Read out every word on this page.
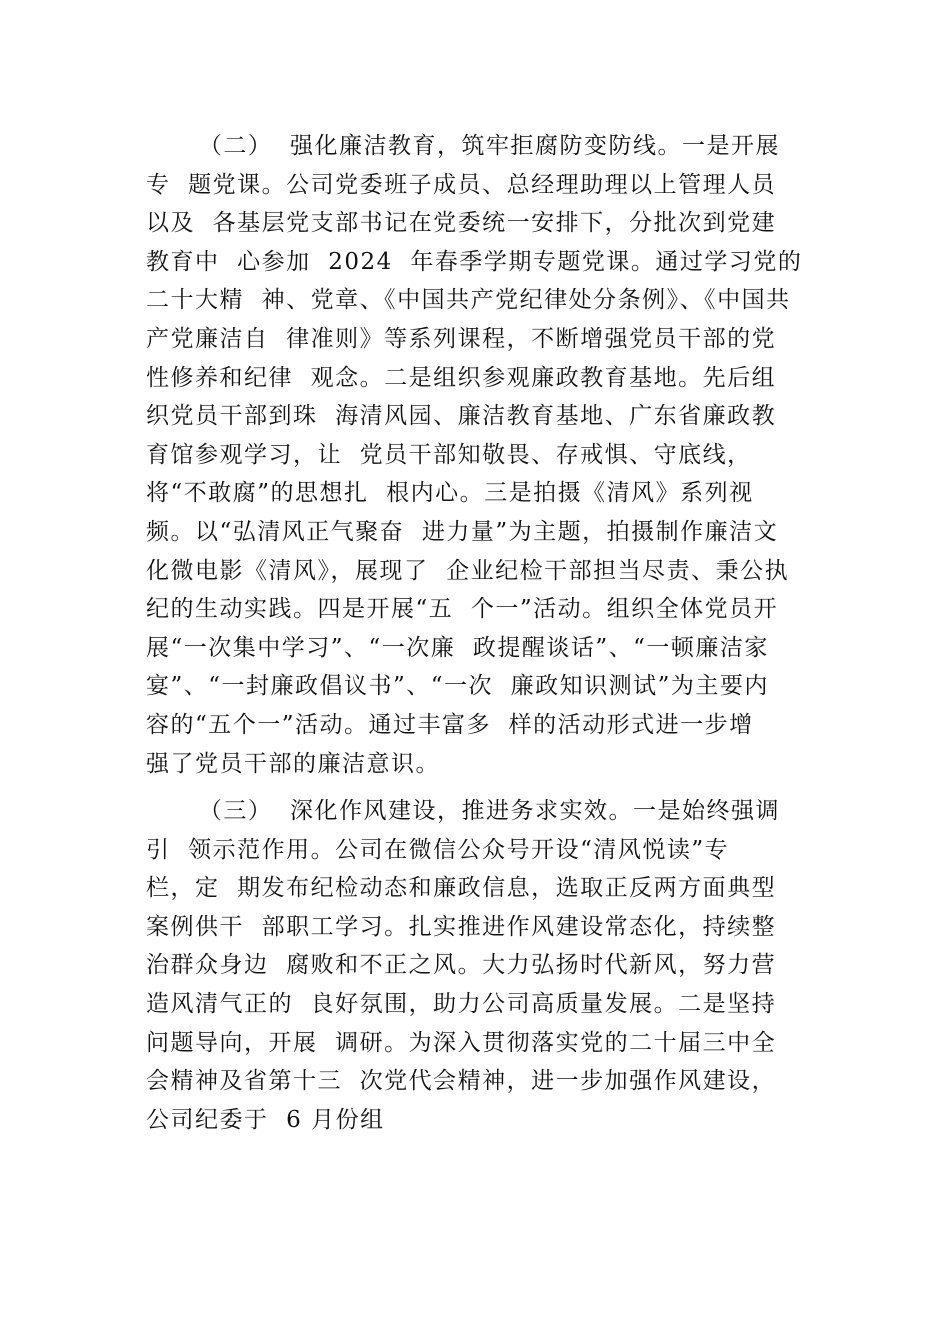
（二）  强化廉洁教育，筑牢拒腐防变防线。一是开展
专  题党课。公司党委班子成员、总经理助理以上管理人员
以及  各基层党支部书记在党委统一安排下，分批次到党建
教育中  心参加  2024  年春季学期专题党课。通过学习党的
二十大精  神、党章、《中国共产党纪律处分条例》、《中国共
产党廉洁自  律准则》等系列课程，不断增强党员干部的党
性修养和纪律  观念。二是组织参观廉政教育基地。先后组
织党员干部到珠  海清风园、廉洁教育基地、广东省廉政教
育馆参观学习，让  党员干部知敬畏、存戒惧、守底线，
将“不敢腐”的思想扎  根内心。三是拍摄《清风》系列视
频。以“弘清风正气聚奋  进力量”为主题，拍摄制作廉洁文
化微电影《清风》，展现了  企业纪检干部担当尽责、秉公执
纪的生动实践。四是开展“五  个一”活动。组织全体党员开
展“一次集中学习”、“一次廉  政提醒谈话”、“一顿廉洁家
宴”、“一封廉政倡议书”、“一次  廉政知识测试”为主要内
容的“五个一”活动。通过丰富多  样的活动形式进一步增
强了党员干部的廉洁意识。
（三）  深化作风建设，推进务求实效。一是始终强调
引  领示范作用。公司在微信公众号开设“清风悦读”专
栏，定  期发布纪检动态和廉政信息，选取正反两方面典型
案例供干  部职工学习。扎实推进作风建设常态化，持续整
治群众身边  腐败和不正之风。大力弘扬时代新风，努力营
造风清气正的  良好氛围，助力公司高质量发展。二是坚持
问题导向，开展  调研。为深入贯彻落实党的二十届三中全
会精神及省第十三  次党代会精神，进一步加强作风建设，
公司纪委于  6 月份组
